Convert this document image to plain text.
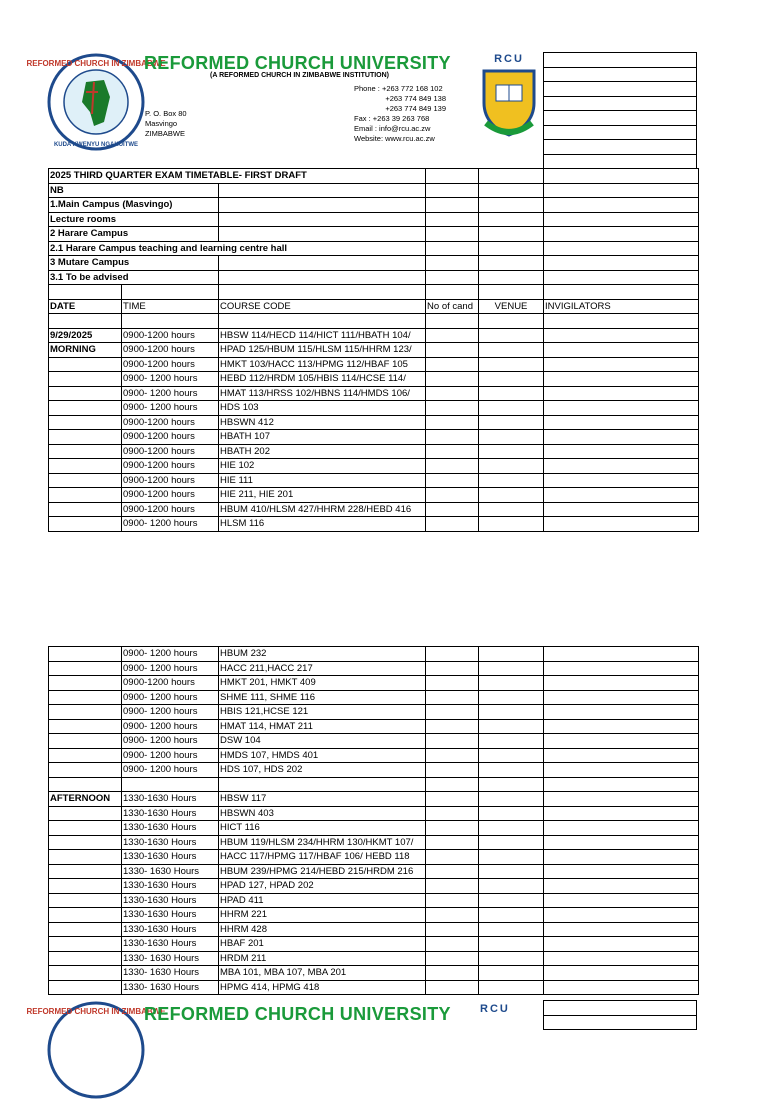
REFORMED CHURCH IN ZIMBABWE
KUDA KWENYU NGAKUITWE
REFORMED CHURCH UNIVERSITY
(A REFORMED CHURCH IN ZIMBABWE INSTITUTION)
P. O. Box 80
Masvingo
ZIMBABWE
Phone : +263 772 168 102
+263 774 849 138
+263 774 849 139
Fax : +263 39 263 768
Email : info@rcu.ac.zw
Website: www.rcu.ac.zw
RCU

2025 THIRD QUARTER EXAM TIMETABLE- FIRST DRAFT					
NB					
1.Main Campus (Masvingo)					
Lecture rooms					
2 Harare Campus					
2.1 Harare Campus teaching and learning centre hall					
3 Mutare Campus					
3.1 To be advised					

DATE	TIME	COURSE CODE	No of cand	VENUE	INVIGILATORS

9/29/2025	0900-1200 hours	HBSW 114/HECD 114/HICT 111/HBATH 104/			
MORNING	0900-1200 hours	HPAD 125/HBUM 115/HLSM 115/HHRM 123/			
	0900-1200 hours	HMKT 103/HACC 113/HPMG 112/HBAF 105			
	0900- 1200 hours	HEBD 112/HRDM 105/HBIS 114/HCSE 114/			
	0900- 1200 hours	HMAT 113/HRSS 102/HBNS 114/HMDS 106/			
	0900- 1200 hours	HDS 103			
	0900-1200 hours	HBSWN 412			
	0900-1200 hours	HBATH 107			
	0900-1200 hours	HBATH 202			
	0900-1200 hours	HIE 102			
	0900-1200 hours	HIE 111			
	0900-1200 hours	HIE 211, HIE 201			
	0900-1200 hours	HBUM 410/HLSM 427/HHRM 228/HEBD 416			
	0900- 1200 hours	HLSM 116			
	0900- 1200 hours	HBUM 232			
	0900- 1200 hours	HACC 211,HACC 217			
	0900-1200 hours	HMKT 201, HMKT 409			
	0900- 1200 hours	SHME 111, SHME 116			
	0900- 1200 hours	HBIS 121,HCSE 121			
	0900- 1200 hours	HMAT 114, HMAT 211			
	0900- 1200 hours	DSW 104			
	0900- 1200 hours	HMDS 107, HMDS 401			
	0900- 1200 hours	HDS 107, HDS 202			

AFTERNOON	1330-1630 Hours	HBSW 117			
	1330-1630 Hours	HBSWN 403			
	1330-1630 Hours	HICT 116			
	1330-1630 Hours	HBUM 119/HLSM 234/HHRM 130/HKMT 107/			
	1330-1630 Hours	HACC 117/HPMG 117/HBAF 106/ HEBD 118			
	1330- 1630 Hours	HBUM 239/HPMG 214/HEBD 215/HRDM 216			
	1330-1630 Hours	HPAD 127, HPAD 202			
	1330-1630 Hours	HPAD 411			
	1330-1630 Hours	HHRM 221			
	1330-1630 Hours	HHRM 428			
	1330-1630 Hours	HBAF 201			
	1330- 1630 Hours	HRDM 211			
	1330- 1630 Hours	MBA 101, MBA 107, MBA 201			
	1330- 1630 Hours	HPMG 414, HPMG 418			
REFORMED CHURCH IN ZIMBABWE
REFORMED CHURCH UNIVERSITY	RCU
